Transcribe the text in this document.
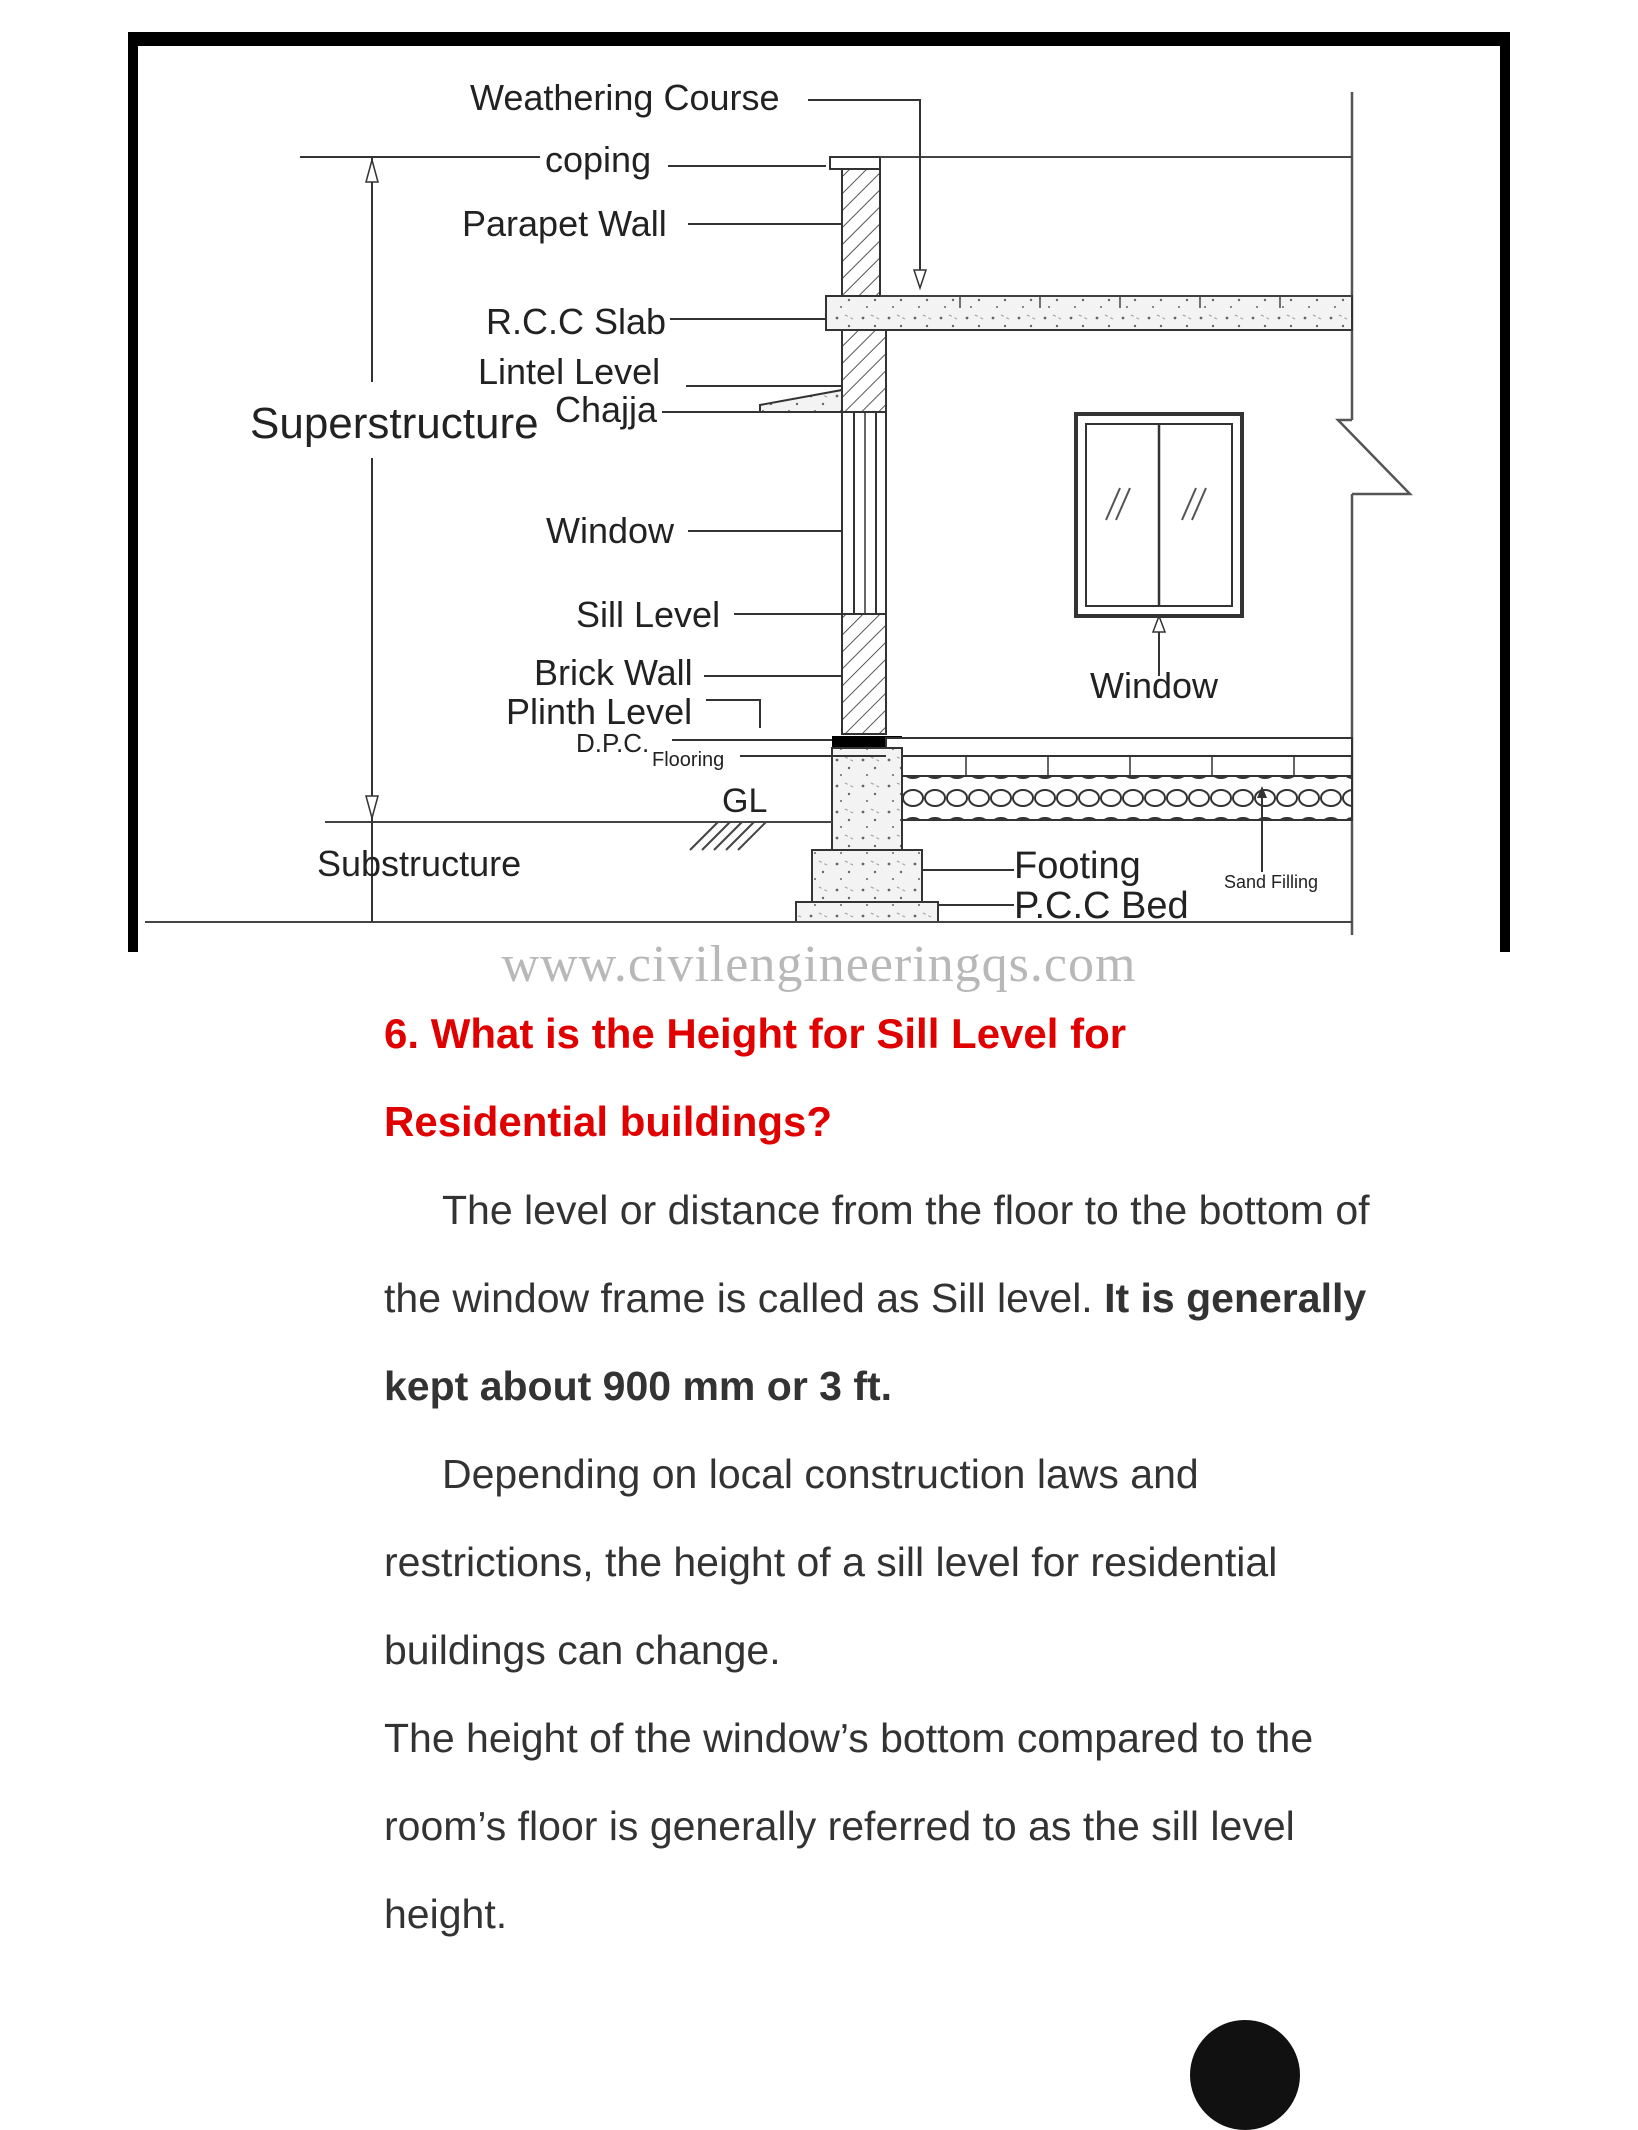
Weathering Course
coping
Parapet Wall
R.C.C Slab
Lintel Level
Superstructure Chajja
Window
Sill Level
Brick Wall
Plinth Level
D.P.C.
Flooring
GL
Substructure	Footing
P.C.C Bed
Sand Filling
Window
www.civilengineeringqs.com

6. What is the Height for Sill Level for
Residential buildings?

The level or distance from the floor to the bottom of the window frame is called as Sill level. It is generally kept about 900 mm or 3 ft.

Depending on local construction laws and restrictions, the height of a sill level for residential buildings can change.

The height of the window’s bottom compared to the room’s floor is generally referred to as the sill level height.
